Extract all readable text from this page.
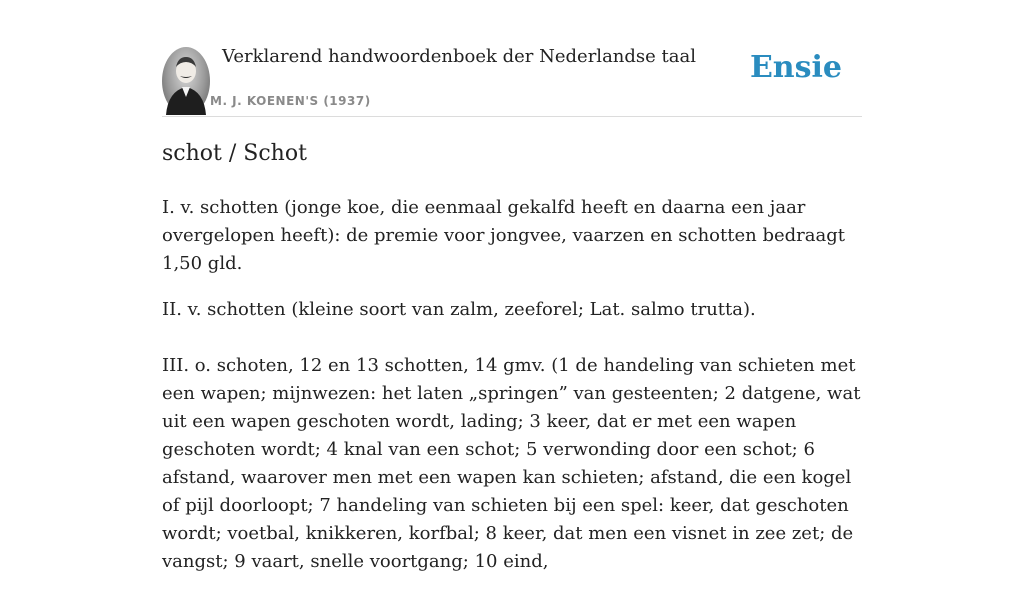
Verklarend handwoordenboek der Nederlandse taal
M. J. KOENEN'S (1937)
Ensie
schot / Schot

I. v. schotten (jonge koe, die eenmaal gekalfd heeft en daarna een jaar overgelopen heeft): de premie voor jongvee, vaarzen en schotten bedraagt 1,50 gld.

II. v. schotten (kleine soort van zalm, zeeforel; Lat. salmo trutta).

III. o. schoten, 12 en 13 schotten, 14 gmv. (1 de handeling van schieten met een wapen; mijnwezen: het laten „springen” van gesteenten; 2 datgene, wat uit een wapen geschoten wordt, lading; 3 keer, dat er met een wapen geschoten wordt; 4 knal van een schot; 5 verwonding door een schot; 6 afstand, waarover men met een wapen kan schieten; afstand, die een kogel of pijl doorloopt; 7 handeling van schieten bij een spel: keer, dat geschoten wordt; voetbal, knikkeren, korfbal; 8 keer, dat men een visnet in zee zet; de vangst; 9 vaart, snelle voortgang; 10 eind,
